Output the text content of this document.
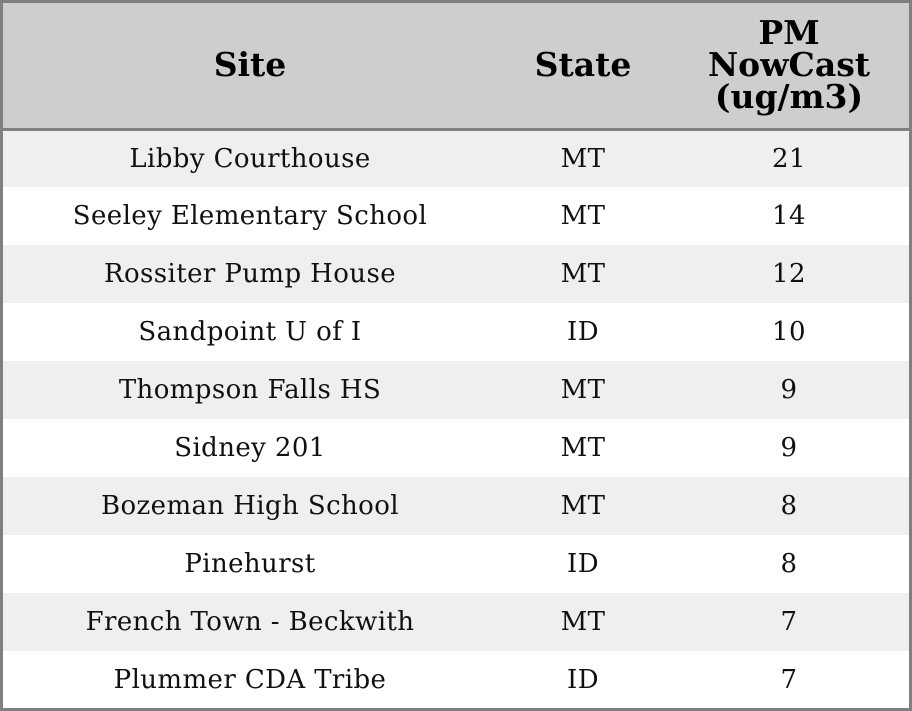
Site	State	PM
NowCast
(ug/m3)

Libby Courthouse	MT	21
Seeley Elementary School	MT	14
Rossiter Pump House	MT	12
Sandpoint U of I	ID	10
Thompson Falls HS	MT	9
Sidney 201	MT	9
Bozeman High School	MT	8
Pinehurst	ID	8
French Town - Beckwith	MT	7
Plummer CDA Tribe	ID	7
